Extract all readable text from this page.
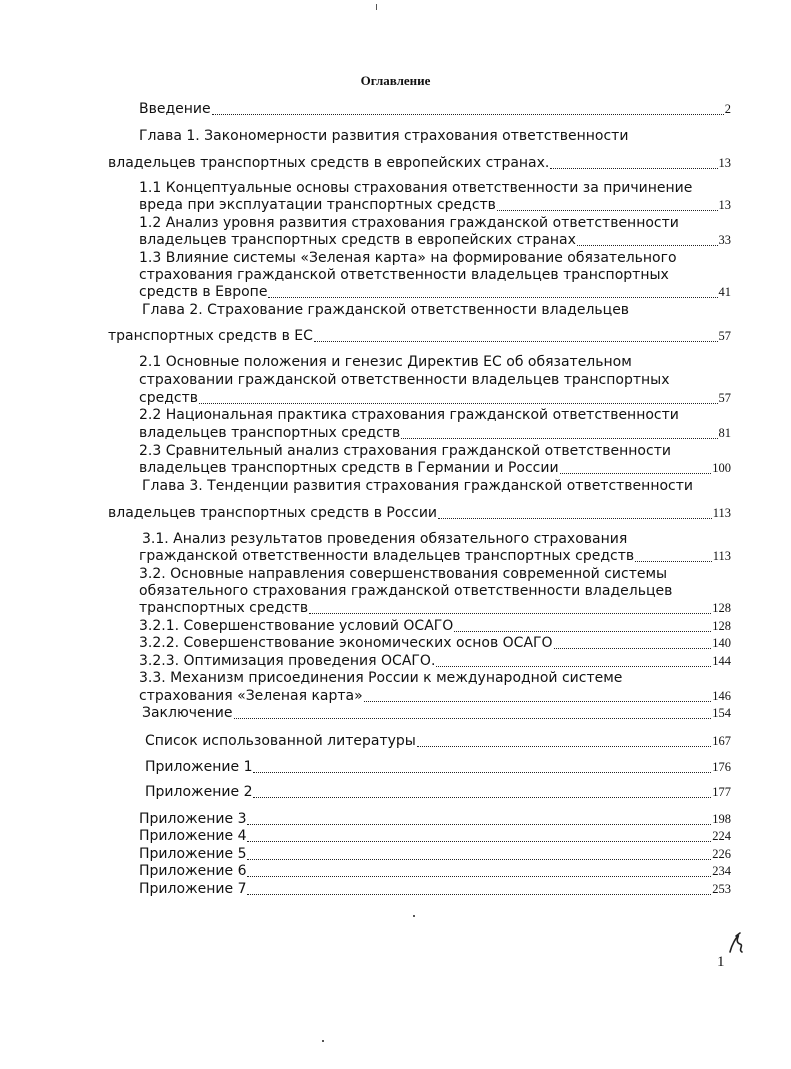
Оглавление
Введение	2
Глава 1. Закономерности развития страхования ответственности
владельцев транспортных средств в европейских странах.	13
1.1 Концептуальные основы страхования ответственности за причинение
вреда при эксплуатации транспортных средств	13
1.2 Анализ уровня развития страхования гражданской ответственности
владельцев транспортных средств в европейских странах	33
1.3 Влияние системы «Зеленая карта» на формирование обязательного
страхования гражданской ответственности владельцев транспортных
средств в Европе	41
Глава 2. Страхование гражданской ответственности владельцев
транспортных средств в ЕС	57
2.1 Основные положения и генезис Директив ЕС об обязательном
страховании гражданской ответственности владельцев транспортных
средств	57
2.2 Национальная практика страхования гражданской ответственности
владельцев транспортных средств	81
2.3 Сравнительный анализ страхования гражданской ответственности
владельцев транспортных средств в Германии и России	100
Глава 3. Тенденции развития страхования гражданской ответственности
владельцев транспортных средств в России	113
3.1. Анализ результатов проведения обязательного страхования
гражданской ответственности владельцев транспортных средств	113
3.2. Основные направления совершенствования современной системы
обязательного страхования гражданской ответственности владельцев
транспортных средств	128
3.2.1. Совершенствование условий ОСАГО	128
3.2.2. Совершенствование экономических основ ОСАГО	140
3.2.3. Оптимизация проведения ОСАГО.	144
3.3. Механизм присоединения России к международной системе
страхования «Зеленая карта»	146
Заключение	154
Список использованной литературы	167
Приложение 1	176
Приложение 2	177
Приложение 3	198
Приложение 4	224
Приложение 5	226
Приложение 6	234
Приложение 7	253
1
